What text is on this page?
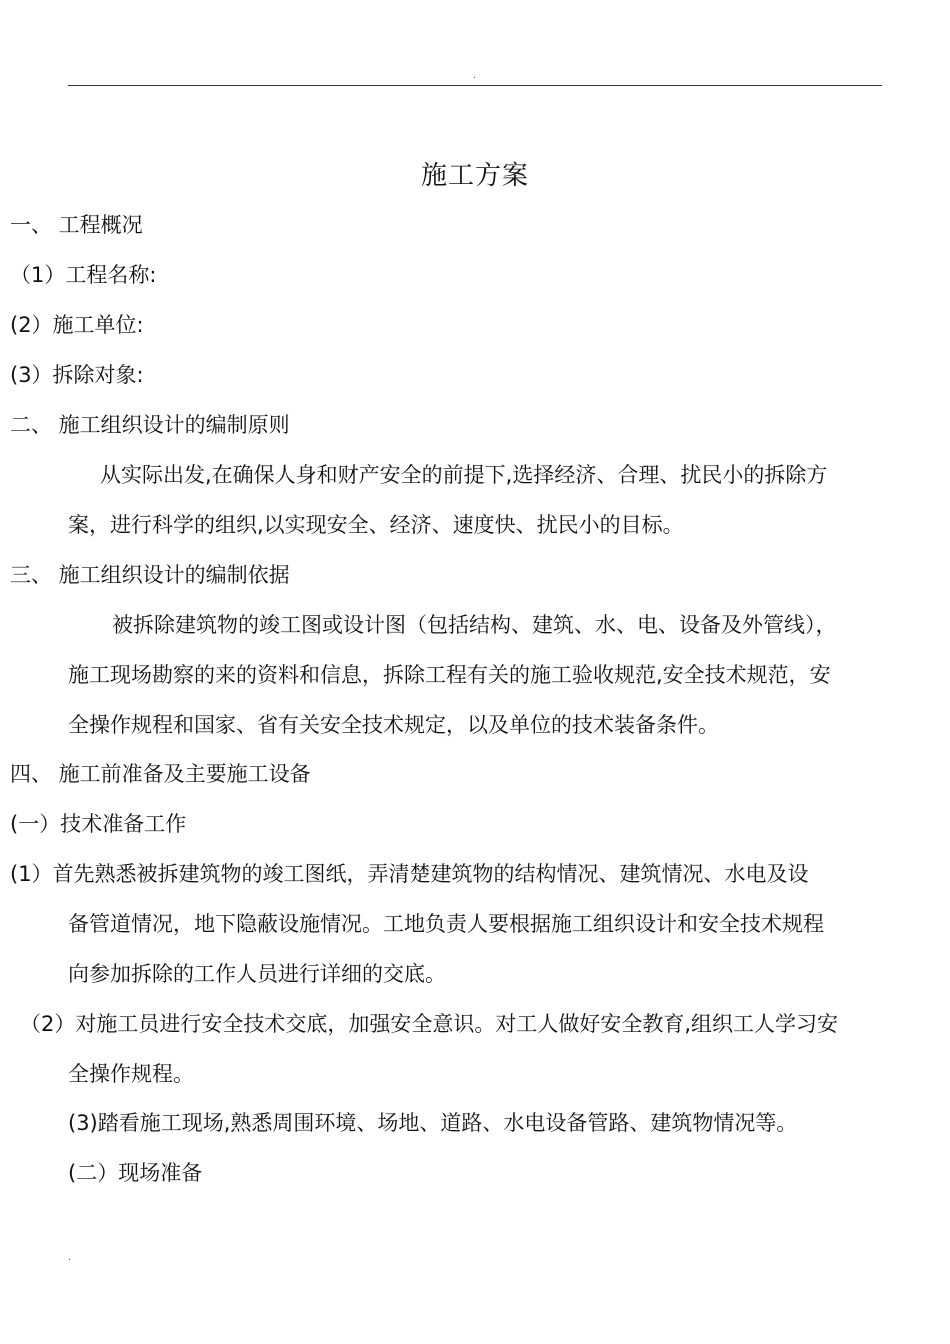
.
施工方案
一、 工程概况
（1）工程名称:
(2）施工单位:
(3）拆除对象:
二、 施工组织设计的编制原则
从实际出发,在确保人身和财产安全的前提下,选择经济、合理、扰民小的拆除方
案，进行科学的组织,以实现安全、经济、速度快、扰民小的目标。
三、 施工组织设计的编制依据
被拆除建筑物的竣工图或设计图（包括结构、建筑、水、电、设备及外管线），
施工现场勘察的来的资料和信息，拆除工程有关的施工验收规范,安全技术规范，安
全操作规程和国家、省有关安全技术规定，以及单位的技术装备条件。
四、 施工前准备及主要施工设备
(一）技术准备工作
(1）首先熟悉被拆建筑物的竣工图纸，弄清楚建筑物的结构情况、建筑情况、水电及设
备管道情况，地下隐蔽设施情况。工地负责人要根据施工组织设计和安全技术规程
向参加拆除的工作人员进行详细的交底。
（2）对施工员进行安全技术交底，加强安全意识。对工人做好安全教育,组织工人学习安
全操作规程。
(3)踏看施工现场,熟悉周围环境、场地、道路、水电设备管路、建筑物情况等。
(二）现场准备
.
